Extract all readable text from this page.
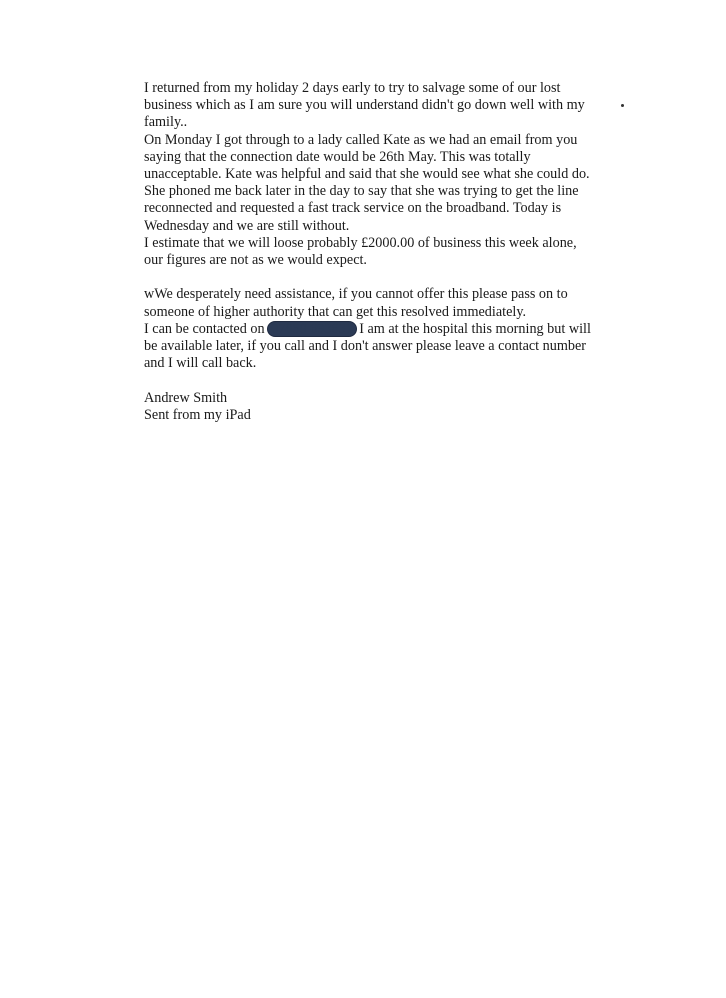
I returned from my holiday 2 days early to try to salvage some of our lost
business which as I am sure you will understand didn't go down well with my
family..
On Monday I got through to a lady called Kate as we had an email from you
saying that the connection date would be 26th May. This was totally
unacceptable. Kate was helpful and said that she would see what she could do.
She phoned me back later in the day to say that she was trying to get the line
reconnected and requested a fast track service on the broadband. Today is
Wednesday and we are still without.
I estimate that we will loose probably £2000.00 of business this week alone,
our figures are not as we would expect.
wWe desperately need assistance, if you cannot offer this please pass on to
someone of higher authority that can get this resolved immediately.
I can be contacted on 07850 693631 I am at the hospital this morning but will
be available later, if you call and I don't answer please leave a contact number
and I will call back.
Andrew Smith
Sent from my iPad
